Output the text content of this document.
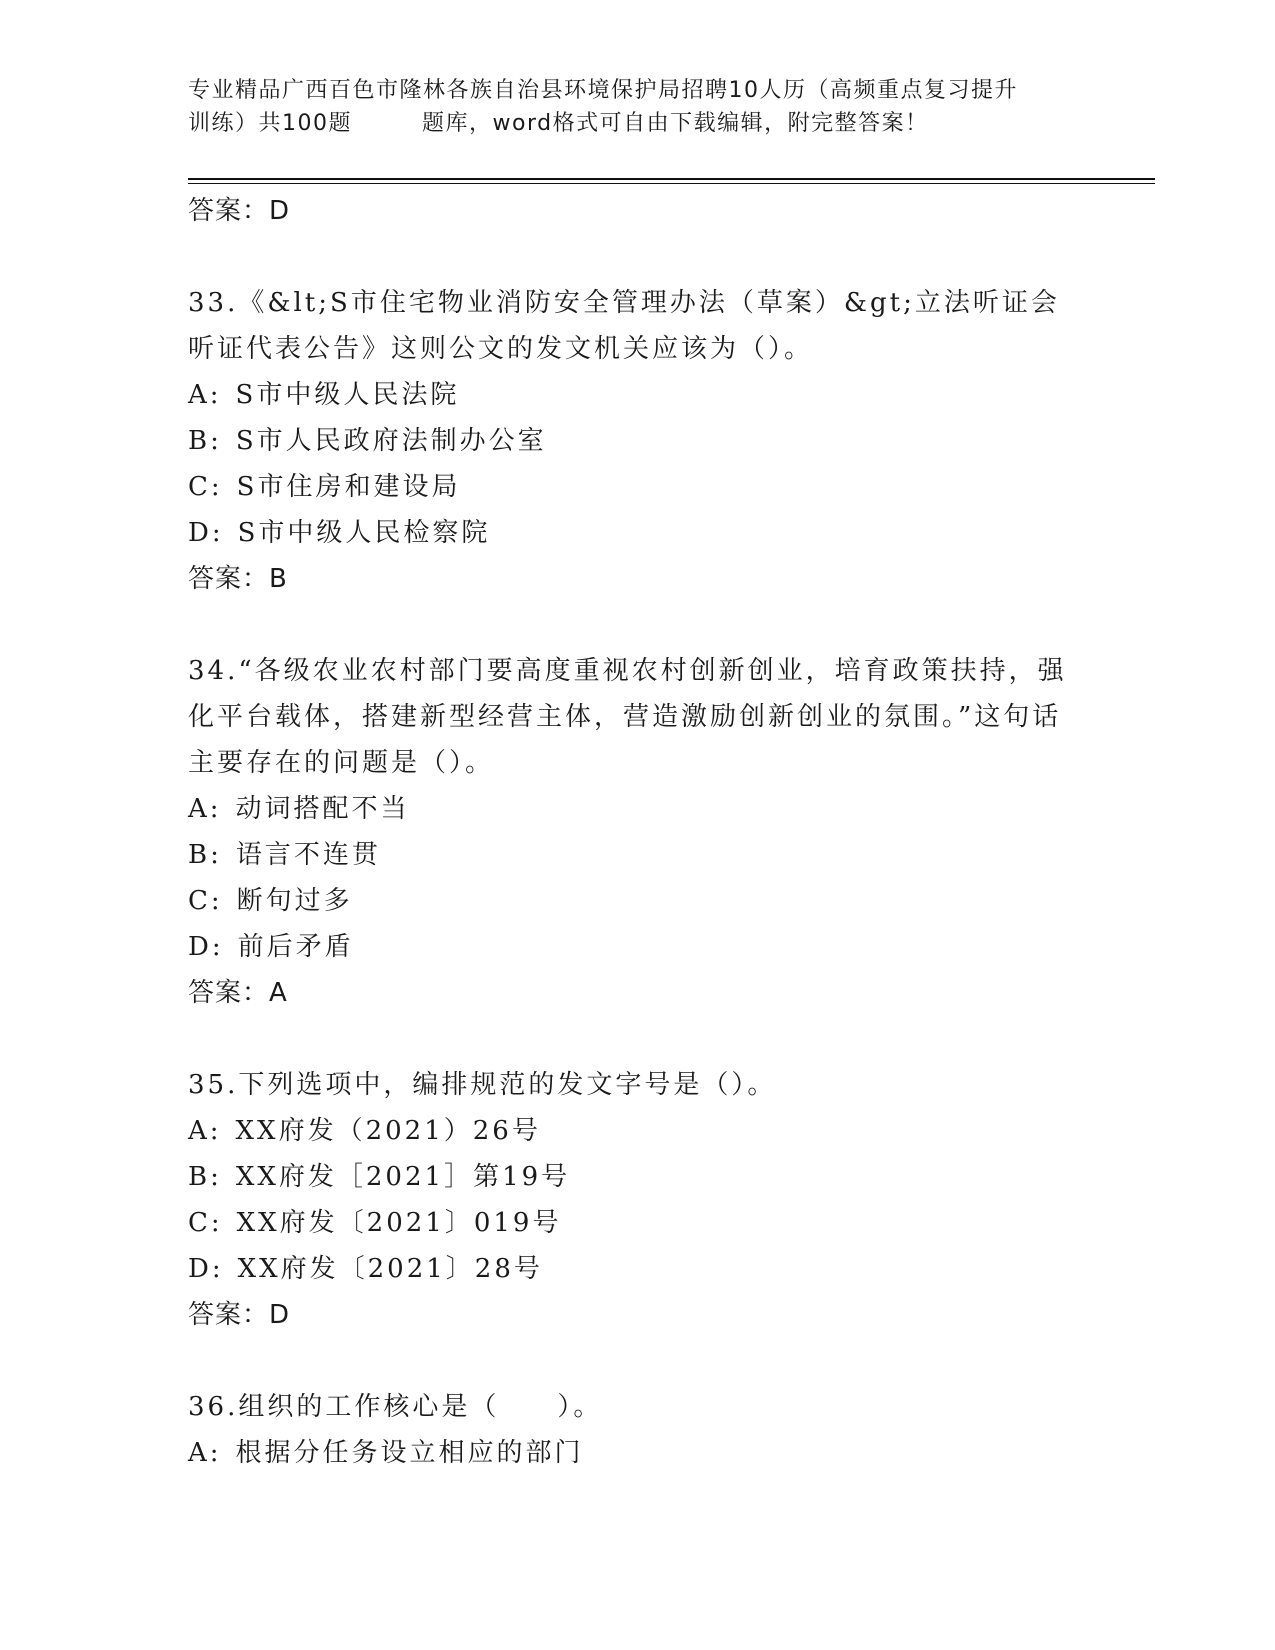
专业精品广西百色市隆林各族自治县环境保护局招聘10人历（高频重点复习提升
训练）共100题	题库，word格式可自由下载编辑，附完整答案！
答案：D
33.《&lt;S市住宅物业消防安全管理办法（草案）&gt;立法听证会听证代表公告》这则公文的发文机关应该为（）。
A: S市中级人民法院
B: S市人民政府法制办公室
C: S市住房和建设局
D: S市中级人民检察院
答案：B
34.“各级农业农村部门要高度重视农村创新创业，培育政策扶持，强化平台载体，搭建新型经营主体，营造激励创新创业的氛围。”这句话主要存在的问题是（）。
A: 动词搭配不当
B: 语言不连贯
C: 断句过多
D: 前后矛盾
答案：A
35.下列选项中，编排规范的发文字号是（）。
A: XX府发（2021）26号
B: XX府发［2021］第19号
C: XX府发〔2021〕019号
D: XX府发〔2021〕28号
答案：D
36.组织的工作核心是（　　）。
A: 根据分任务设立相应的部门
